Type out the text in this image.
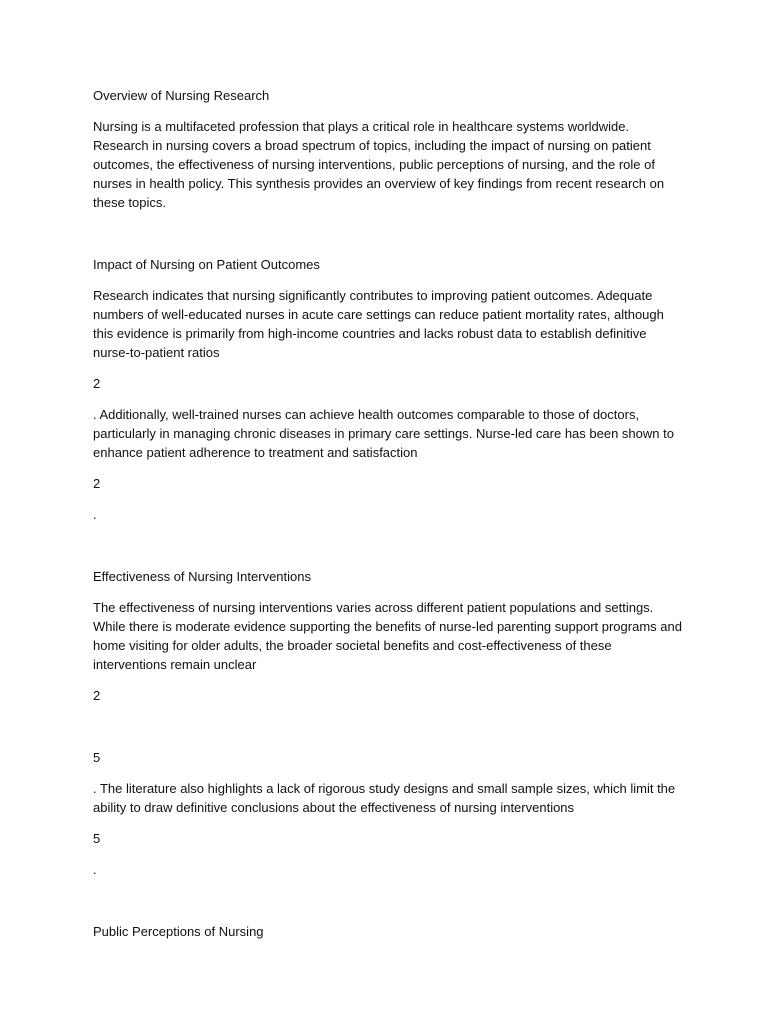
Overview of Nursing Research

Nursing is a multifaceted profession that plays a critical role in healthcare systems worldwide. Research in nursing covers a broad spectrum of topics, including the impact of nursing on patient outcomes, the effectiveness of nursing interventions, public perceptions of nursing, and the role of nurses in health policy. This synthesis provides an overview of key findings from recent research on these topics.

Impact of Nursing on Patient Outcomes

Research indicates that nursing significantly contributes to improving patient outcomes. Adequate numbers of well-educated nurses in acute care settings can reduce patient mortality rates, although this evidence is primarily from high-income countries and lacks robust data to establish definitive nurse-to-patient ratios

2

. Additionally, well-trained nurses can achieve health outcomes comparable to those of doctors, particularly in managing chronic diseases in primary care settings. Nurse-led care has been shown to enhance patient adherence to treatment and satisfaction

2

.

Effectiveness of Nursing Interventions

The effectiveness of nursing interventions varies across different patient populations and settings. While there is moderate evidence supporting the benefits of nurse-led parenting support programs and home visiting for older adults, the broader societal benefits and cost-effectiveness of these interventions remain unclear

2

5

. The literature also highlights a lack of rigorous study designs and small sample sizes, which limit the ability to draw definitive conclusions about the effectiveness of nursing interventions

5

.

Public Perceptions of Nursing
